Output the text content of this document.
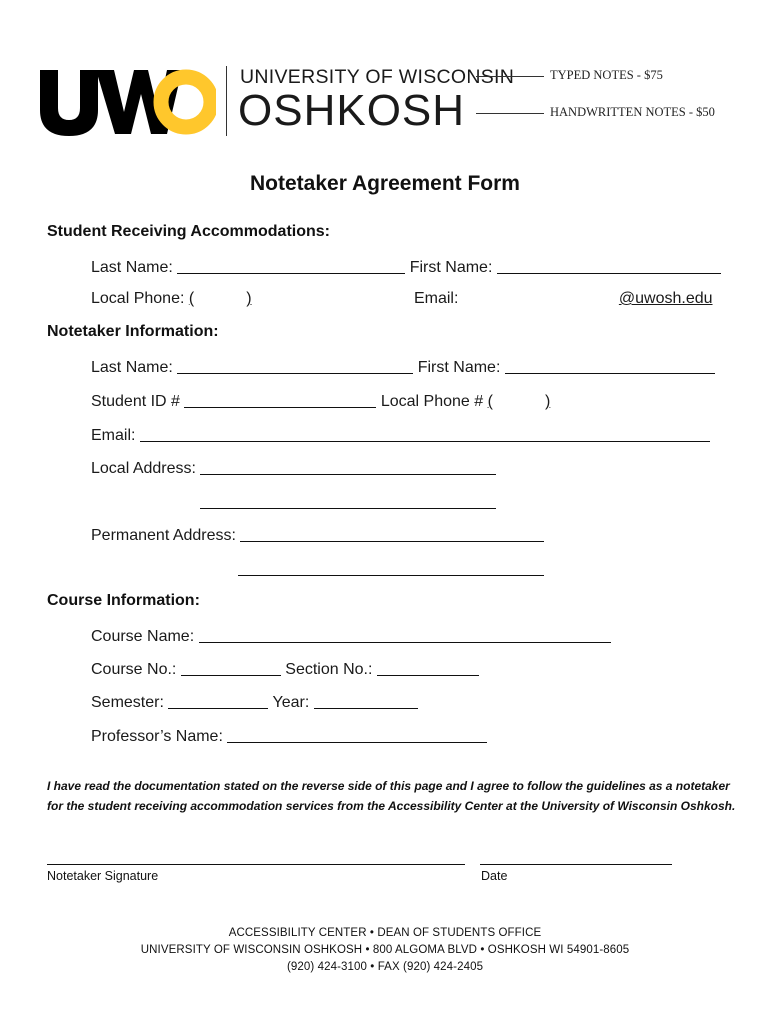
UNIVERSITY OF WISCONSIN
OSHKOSH
TYPED NOTES - $75
HANDWRITTEN NOTES - $50
Notetaker Agreement Form
Student Receiving Accommodations:
Last Name:	First Name:
Local Phone: (	)	Email:	@uwosh.edu
Notetaker Information:
Last Name:	First Name:
Student ID #	Local Phone # (	)
Email:
Local Address:
Permanent Address:
Course Information:
Course Name:
Course No.:	Section No.:
Semester:	Year:
Professor’s Name:
I have read the documentation stated on the reverse side of this page and I agree to follow the guidelines as a notetaker for the student receiving accommodation services from the Accessibility Center at the University of Wisconsin Oshkosh.
Notetaker Signature	Date
ACCESSIBILITY CENTER • DEAN OF STUDENTS OFFICE
UNIVERSITY OF WISCONSIN OSHKOSH • 800 ALGOMA BLVD • OSHKOSH WI 54901-8605
(920) 424-3100 • FAX (920) 424-2405
